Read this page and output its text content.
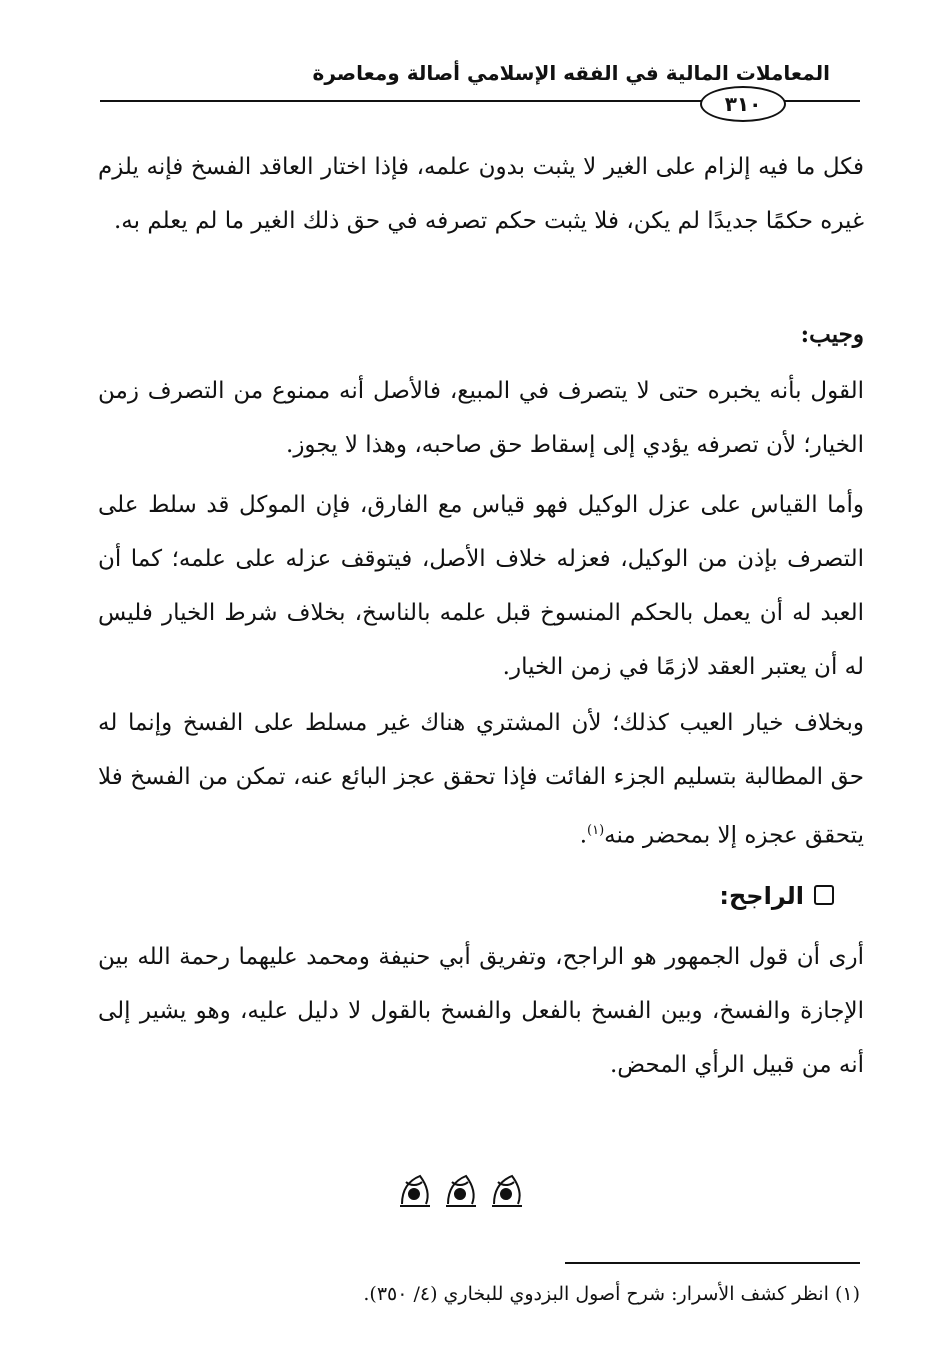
المعاملات المالية في الفقه الإسلامي أصالة ومعاصرة
٣١٠
فكل ما فيه إلزام على الغير لا يثبت بدون علمه، فإذا اختار العاقد الفسخ فإنه يلزم غيره حكمًا جديدًا لم يكن، فلا يثبت حكم تصرفه في حق ذلك الغير ما لم يعلم به.
وجيب:
القول بأنه يخبره حتى لا يتصرف في المبيع، فالأصل أنه ممنوع من التصرف زمن الخيار؛ لأن تصرفه يؤدي إلى إسقاط حق صاحبه، وهذا لا يجوز.
وأما القياس على عزل الوكيل فهو قياس مع الفارق، فإن الموكل قد سلط على التصرف بإذن من الوكيل، فعزله خلاف الأصل، فيتوقف عزله على علمه؛ كما أن العبد له أن يعمل بالحكم المنسوخ قبل علمه بالناسخ، بخلاف شرط الخيار فليس له أن يعتبر العقد لازمًا في زمن الخيار.
وبخلاف خيار العيب كذلك؛ لأن المشتري هناك غير مسلط على الفسخ وإنما له حق المطالبة بتسليم الجزء الفائت فإذا تحقق عجز البائع عنه، تمكن من الفسخ فلا يتحقق عجزه إلا بمحضر منه$^{(١)}$.
الراجح:
أرى أن قول الجمهور هو الراجح، وتفريق أبي حنيفة ومحمد عليهما رحمة الله بين الإجازة والفسخ، وبين الفسخ بالفعل والفسخ بالقول لا دليل عليه، وهو يشير إلى أنه من قبيل الرأي المحض.
(١) انظر كشف الأسرار: شرح أصول البزدوي للبخاري (٤/ ٣٥٠).
